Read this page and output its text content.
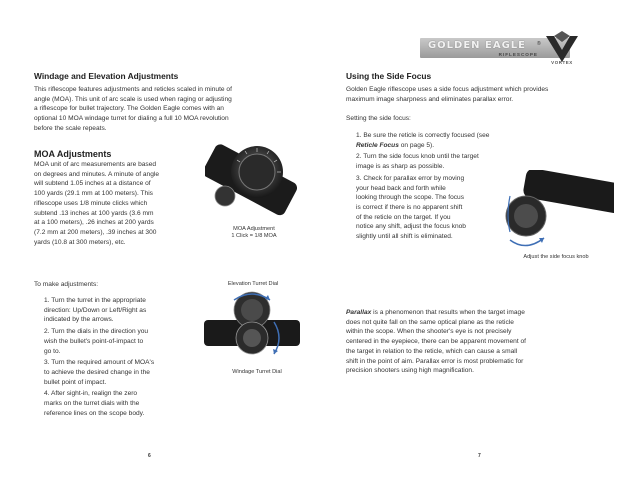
GOLDEN EAGLE	®
RIFLESCOPE
VORTEX
Windage and Elevation Adjustments
This riflescope features adjustments and reticles scaled in minute of
angle (MOA). This unit of arc scale is used when raging or adjusting
a riflescope for bullet trajectory. The Golden Eagle comes with an
optional 10 MOA windage turret for dialing a full 10 MOA revolution
before the scale repeats.
MOA Adjustments
MOA unit of arc measurements are based
on degrees and minutes. A minute of angle
will subtend 1.05 inches at a distance of
100 yards (29.1 mm at 100 meters). This
riflescope uses 1/8 minute clicks which
subtend .13 inches at 100 yards (3.6 mm
at a 100 meters), .26 inches at 200 yards
(7.2 mm at 200 meters), .39 inches at 300
yards (10.8 at 300 meters), etc.
MOA Adjustment
1 Click = 1/8 MOA
To make adjustments:
1. Turn the turret in the appropriate
direction: Up/Down or Left/Right as
indicated by the arrows.
2. Turn the dials in the direction you
wish the bullet's point-of-impact to
go to.
3. Turn the required amount of MOA's
to achieve the desired change in the
bullet point of impact.
4. After sight-in, realign the zero
marks on the turret dials with the
reference lines on the scope body.
Elevation Turret Dial
Windage Turret Dial
6
Using the Side Focus
Golden Eagle riflescope uses a side focus adjustment which provides
maximum image sharpness and eliminates parallax error.
Setting the side focus:
1. Be sure the reticle is correctly focused (see
Reticle Focus on page 5).
2. Turn the side focus knob until the target
image is as sharp as possible.
3. Check for parallax error by moving
your head back and forth while
looking through the scope. The focus
is correct if there is no apparent shift
of the reticle on the target. If you
notice any shift, adjust the focus knob
slightly until all shift is eliminated.
Adjust the side focus knob
Parallax is a phenomenon that results when the target image
does not quite fall on the same optical plane as the reticle
within the scope. When the shooter's eye is not precisely
centered in the eyepiece, there can be apparent movement of
the target in relation to the reticle, which can cause a small
shift in the point of aim. Parallax error is most problematic for
precision shooters using high magnification.
7
